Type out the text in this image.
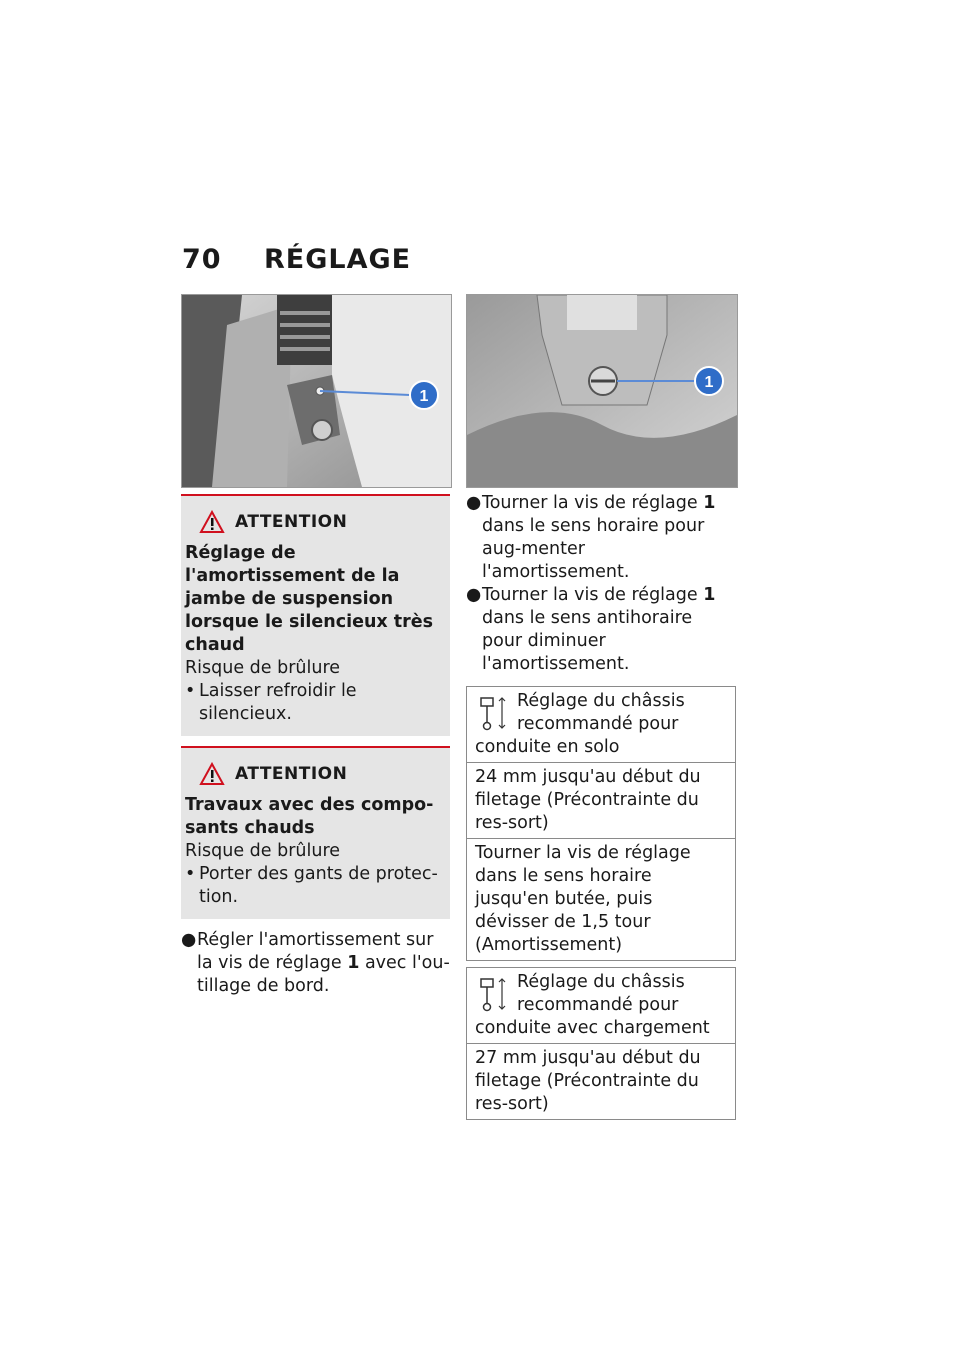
70 RÉGLAGE
1
1
ATTENTION
Réglage de l'amortissement de la jambe de suspension lorsque le silencieux très chaud
Risque de brûlure
• Laisser refroidir le silencieux.
ATTENTION
Travaux avec des compo-sants chauds
Risque de brûlure
• Porter des gants de protec-tion.
● Régler l'amortissement sur la vis de réglage 1 avec l'ou-tillage de bord.
● Tourner la vis de réglage 1 dans le sens horaire pour aug-menter l'amortissement.
● Tourner la vis de réglage 1 dans le sens antihoraire pour diminuer l'amortissement.
Réglage du châssis
recommandé pour
conduite en solo
24 mm jusqu'au début du filetage (Précontrainte du res-sort)
Tourner la vis de réglage dans le sens horaire jusqu'en butée, puis dévisser de 1,5 tour (Amortissement)
Réglage du châssis
recommandé pour
conduite avec chargement
27 mm jusqu'au début du filetage (Précontrainte du res-sort)
